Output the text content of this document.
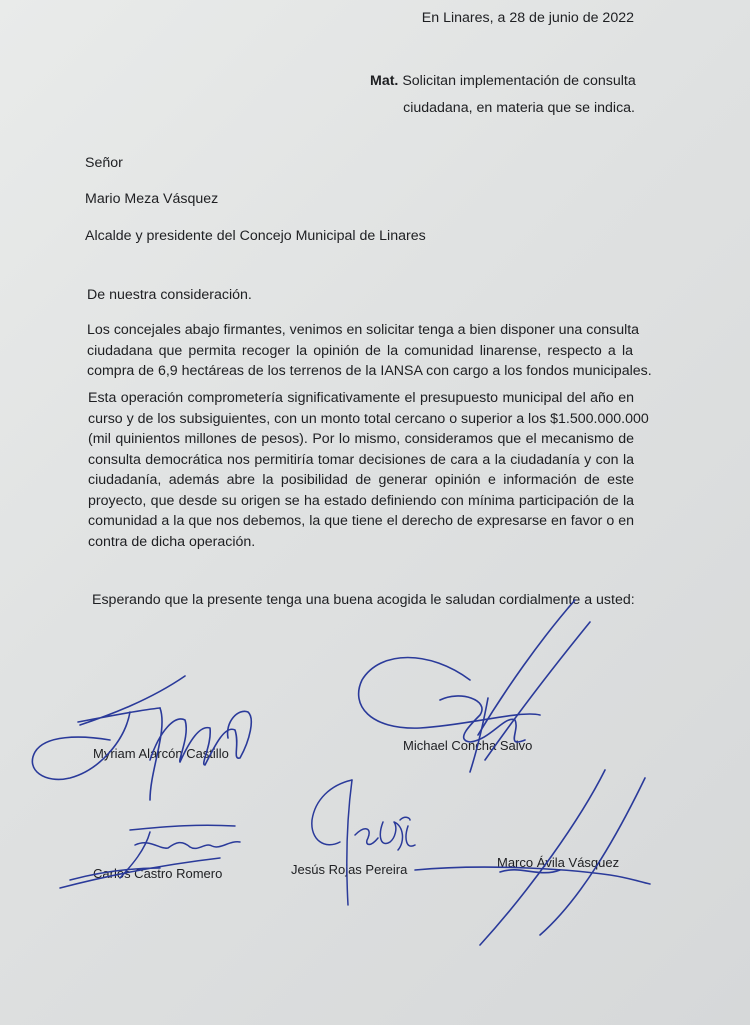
En Linares, a 28 de junio de 2022
Mat. Solicitan implementación de consulta
ciudadana, en materia que se indica.
Señor
Mario Meza Vásquez
Alcalde y presidente del Concejo Municipal de Linares
De nuestra consideración.
Los concejales abajo firmantes, venimos en solicitar tenga a bien disponer una consulta
ciudadana que permita recoger la opinión de la comunidad linarense, respecto a la
compra de 6,9 hectáreas de los terrenos de la IANSA con cargo a los fondos municipales.
Esta operación comprometería significativamente el presupuesto municipal del año en
curso y de los subsiguientes, con un monto total cercano o superior a los $1.500.000.000
(mil quinientos millones de pesos). Por lo mismo, consideramos que el mecanismo de
consulta democrática nos permitiría tomar decisiones de cara a la ciudadanía y con la
ciudadanía, además abre la posibilidad de generar opinión e información de este
proyecto, que desde su origen se ha estado definiendo con mínima participación de la
comunidad a la que nos debemos, la que tiene el derecho de expresarse en favor o en
contra de dicha operación.
Esperando que la presente tenga una buena acogida le saludan cordialmente a usted:
Myriam Alarcón Castillo
Michael Concha Salvo
Carlos Castro Romero	Jesús Rojas Pereira	Marco Ávila Vásquez
